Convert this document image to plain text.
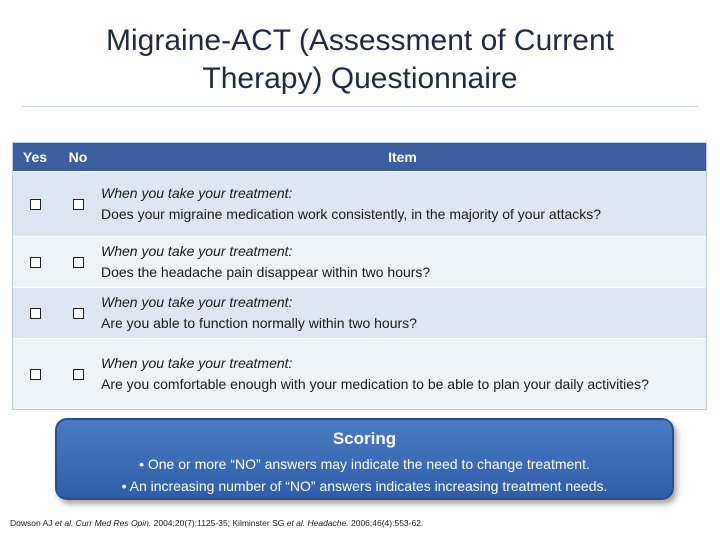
Migraine-ACT (Assessment of Current
Therapy) Questionnaire
Yes	No	Item
When you take your treatment:
Does your migraine medication work consistently, in the majority of your attacks?
When you take your treatment:
Does the headache pain disappear within two hours?
When you take your treatment:
Are you able to function normally within two hours?
When you take your treatment:
Are you comfortable enough with your medication to be able to plan your daily activities?
Scoring
• One or more “NO” answers may indicate the need to change treatment.
• An increasing number of “NO” answers indicates increasing treatment needs.
Dowson AJ et al. Curr Med Res Opin. 2004;20(7):1125-35; Kilminster SG et al. Headache. 2006;46(4):553-62.
